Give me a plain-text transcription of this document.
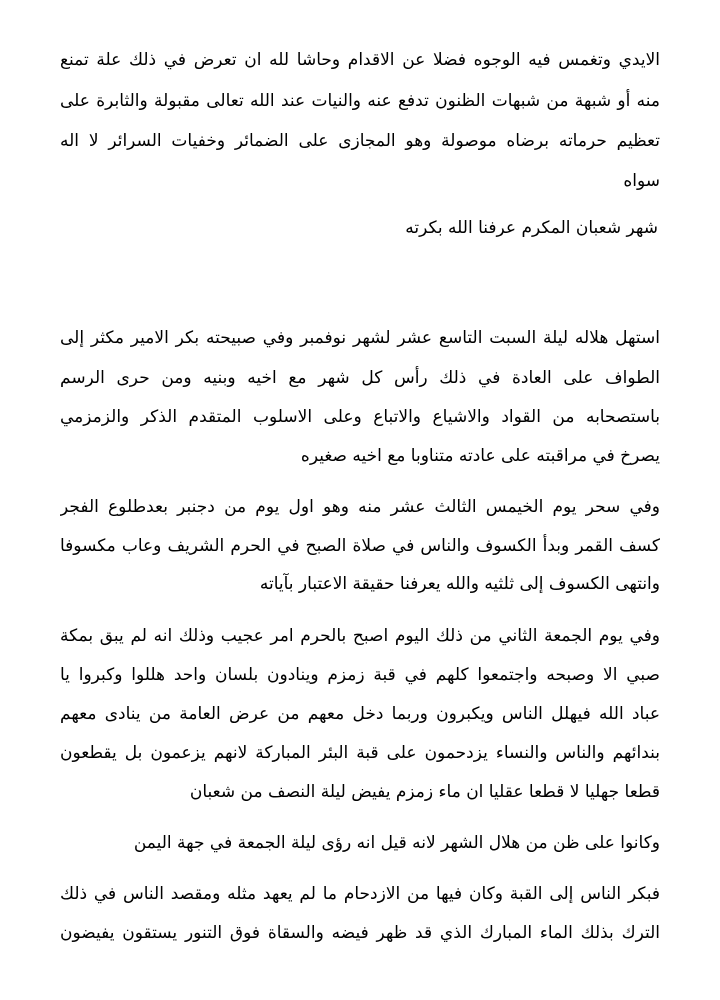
الايدي وتغمس فيه الوجوه فضلا عن الاقدام وحاشا لله ان تعرض في ذلك علة تمنع
منه أو شبهة من شبهات الظنون تدفع عنه والنيات عند الله تعالى مقبولة والثابرة على
تعظيم حرماته برضاه موصولة وهو المجازى على الضمائر وخفيات السرائر لا اله
سواه
شهر شعبان المكرم عرفنا الله بكرته
استهل هلاله ليلة السبت التاسع عشر لشهر نوفمبر وفي صبيحته بكر الامير مكثر إلى
الطواف على العادة في ذلك رأس كل شهر مع اخيه وبنيه ومن حرى الرسم
باستصحابه من القواد والاشياع والاتباع وعلى الاسلوب المتقدم الذكر والزمزمي
يصرخ في مراقبته على عادته متناوبا مع اخيه صغيره
وفي سحر يوم الخيمس الثالث عشر منه وهو اول يوم من دجنبر بعدطلوع الفجر
كسف القمر وبدأ الكسوف والناس في صلاة الصبح في الحرم الشريف وعاب مكسوفا
وانتهى الكسوف إلى ثلثيه والله يعرفنا حقيقة الاعتبار بآياته
وفي يوم الجمعة الثاني من ذلك اليوم اصبح بالحرم امر عجيب وذلك انه لم يبق بمكة
صبي الا وصبحه واجتمعوا كلهم في قبة زمزم وينادون بلسان واحد هللوا وكبروا يا
عباد الله فيهلل الناس ويكبرون وربما دخل معهم من عرض العامة من ينادى معهم
بندائهم والناس والنساء يزدحمون على قبة البئر المباركة لانهم يزعمون بل يقطعون
قطعا جهليا لا قطعا عقليا ان ماء زمزم يفيض ليلة النصف من شعبان
وكانوا على ظن من هلال الشهر لانه قيل انه رؤى ليلة الجمعة في جهة اليمن
فبكر الناس إلى القبة وكان فيها من الازدحام ما لم يعهد مثله ومقصد الناس في ذلك
الترك بذلك الماء المبارك الذي قد ظهر فيضه والسقاة فوق التنور يستقون يفيضون
